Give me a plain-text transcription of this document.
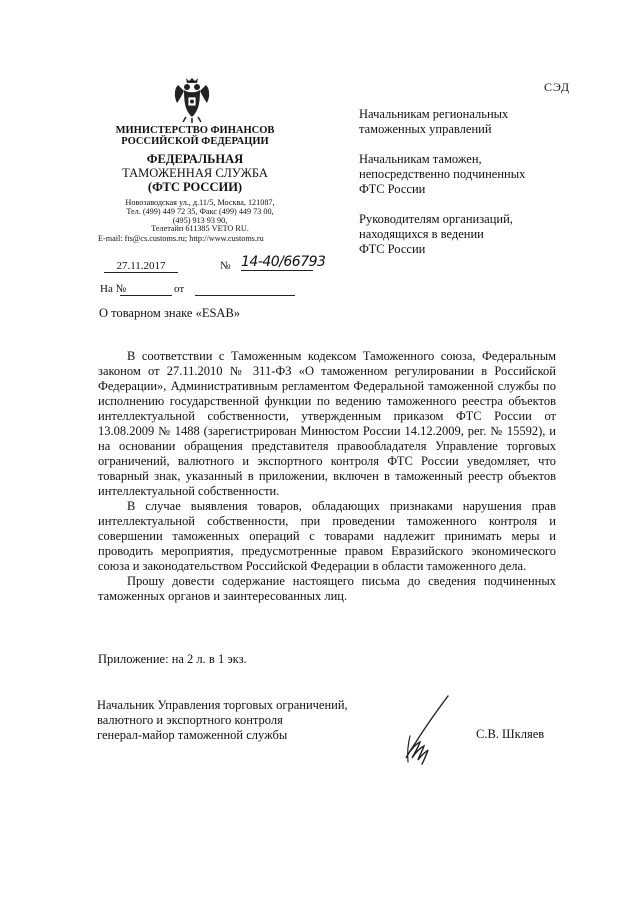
СЭД
МИНИСТЕРСТВО ФИНАНСОВ
РОССИЙСКОЙ ФЕДЕРАЦИИ
ФЕДЕРАЛЬНАЯ
ТАМОЖЕННАЯ СЛУЖБА
(ФТС РОССИИ)
Новозаводская ул., д.11/5, Москва, 121087,
Тел. (499) 449 72 35, Факс (499) 449 73 00,
(495) 913 93 90,
Телетайп 611385 VETO RU.
E-mail: fts@cs.customs.ru; http://www.customs.ru
27.11.2017	№ 14-40/66793
На №	от
О товарном знаке «ESAB»
Начальникам региональных
таможенных управлений
Начальникам таможен,
непосредственно подчиненных
ФТС России
Руководителям организаций,
находящихся в ведении
ФТС России

В соответствии с Таможенным кодексом Таможенного союза, Федеральным законом от 27.11.2010 № 311-ФЗ «О таможенном регулировании в Российской Федерации», Административным регламентом Федеральной таможенной службы по исполнению государственной функции по ведению таможенного реестра объектов интеллектуальной собственности, утвержденным приказом ФТС России от 13.08.2009 № 1488 (зарегистрирован Минюстом России 14.12.2009, рег. № 15592), и на основании обращения представителя правообладателя Управление торговых ограничений, валютного и экспортного контроля ФТС России уведомляет, что товарный знак, указанный в приложении, включен в таможенный реестр объектов интеллектуальной собственности.

В случае выявления товаров, обладающих признаками нарушения прав интеллектуальной собственности, при проведении таможенного контроля и совершении таможенных операций с товарами надлежит принимать меры и проводить мероприятия, предусмотренные правом Евразийского экономического союза и законодательством Российской Федерации в области таможенного дела.

Прошу довести содержание настоящего письма до сведения подчиненных таможенных органов и заинтересованных лиц.

Приложение: на 2 л. в 1 экз.
Начальник Управления торговых ограничений,
валютного и экспортного контроля
генерал-майор таможенной службы	С.В. Шкляев
